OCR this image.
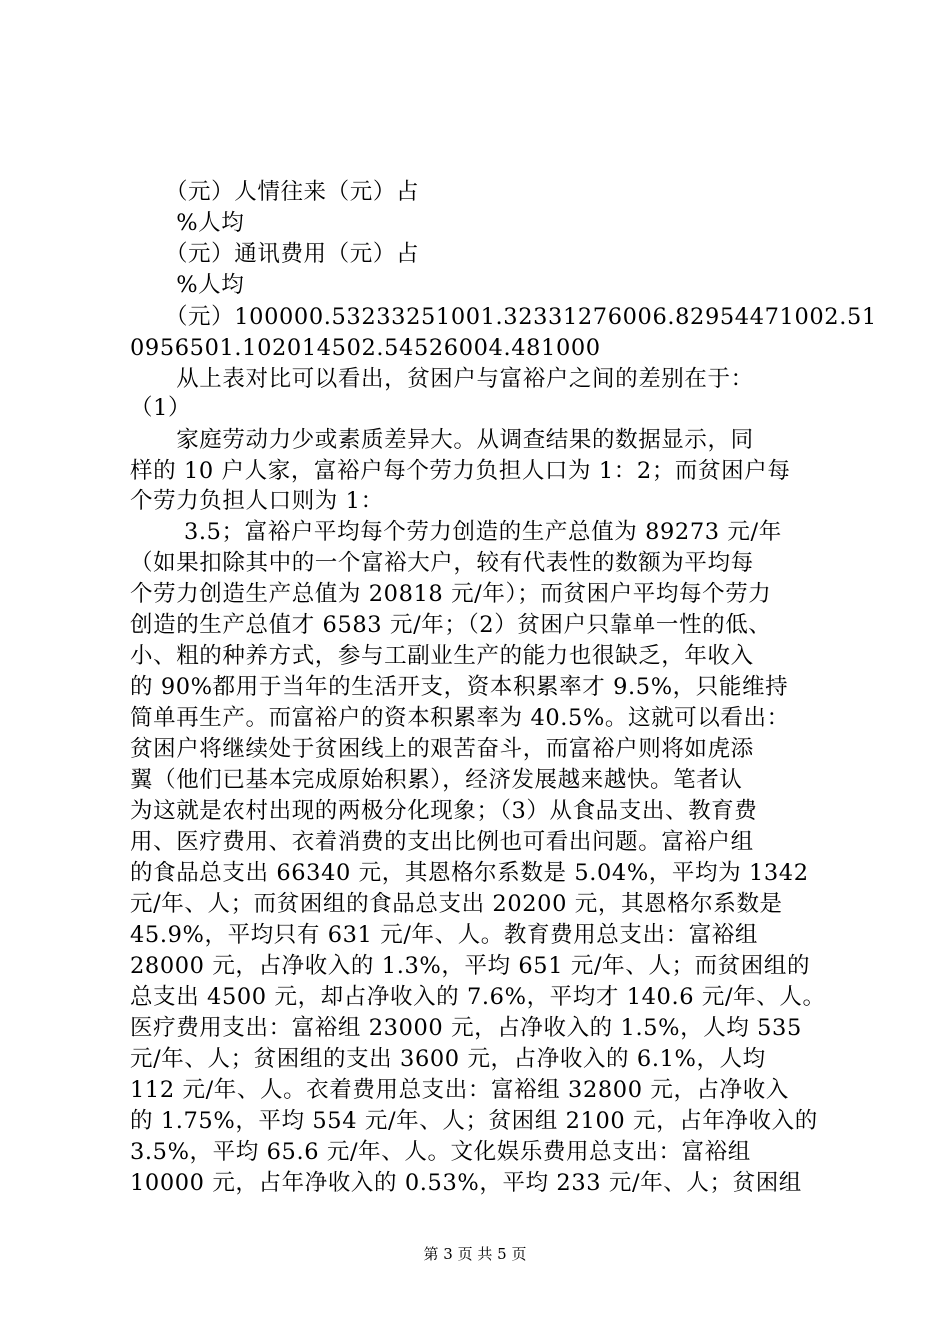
　　（元）人情往来（元）占
　　%人均
　　（元）通讯费用（元）占
　　%人均
　　（元）100000.53233251001.32331276006.82954471002.51
0956501.102014502.54526004.481000
　　从上表对比可以看出，贫困户与富裕户之间的差别在于：
（1）
　　家庭劳动力少或素质差异大。从调查结果的数据显示，同
样的 10 户人家，富裕户每个劳力负担人口为 1：2；而贫困户每
个劳力负担人口则为 1：
　　 3.5；富裕户平均每个劳力创造的生产总值为 89273 元/年
（如果扣除其中的一个富裕大户，较有代表性的数额为平均每
个劳力创造生产总值为 20818 元/年）；而贫困户平均每个劳力
创造的生产总值才 6583 元/年；（2）贫困户只靠单一性的低、
小、粗的种养方式，参与工副业生产的能力也很缺乏，年收入
的 90%都用于当年的生活开支，资本积累率才 9.5%，只能维持
简单再生产。而富裕户的资本积累率为 40.5%。这就可以看出：
贫困户将继续处于贫困线上的艰苦奋斗，而富裕户则将如虎添
翼（他们已基本完成原始积累），经济发展越来越快。笔者认
为这就是农村出现的两极分化现象；（3）从食品支出、教育费
用、医疗费用、衣着消费的支出比例也可看出问题。富裕户组
的食品总支出 66340 元，其恩格尔系数是 5.04%，平均为 1342
元/年、人；而贫困组的食品总支出 20200 元，其恩格尔系数是
45.9%，平均只有 631 元/年、人。教育费用总支出：富裕组
28000 元，占净收入的 1.3%，平均 651 元/年、人；而贫困组的
总支出 4500 元，却占净收入的 7.6%，平均才 140.6 元/年、人。
医疗费用支出：富裕组 23000 元，占净收入的 1.5%，人均 535
元/年、人；贫困组的支出 3600 元，占净收入的 6.1%，人均
112 元/年、人。衣着费用总支出：富裕组 32800 元，占净收入
的 1.75%，平均 554 元/年、人；贫困组 2100 元，占年净收入的
3.5%，平均 65.6 元/年、人。文化娱乐费用总支出：富裕组
10000 元，占年净收入的 0.53%，平均 233 元/年、人；贫困组
第 3 页 共 5 页
